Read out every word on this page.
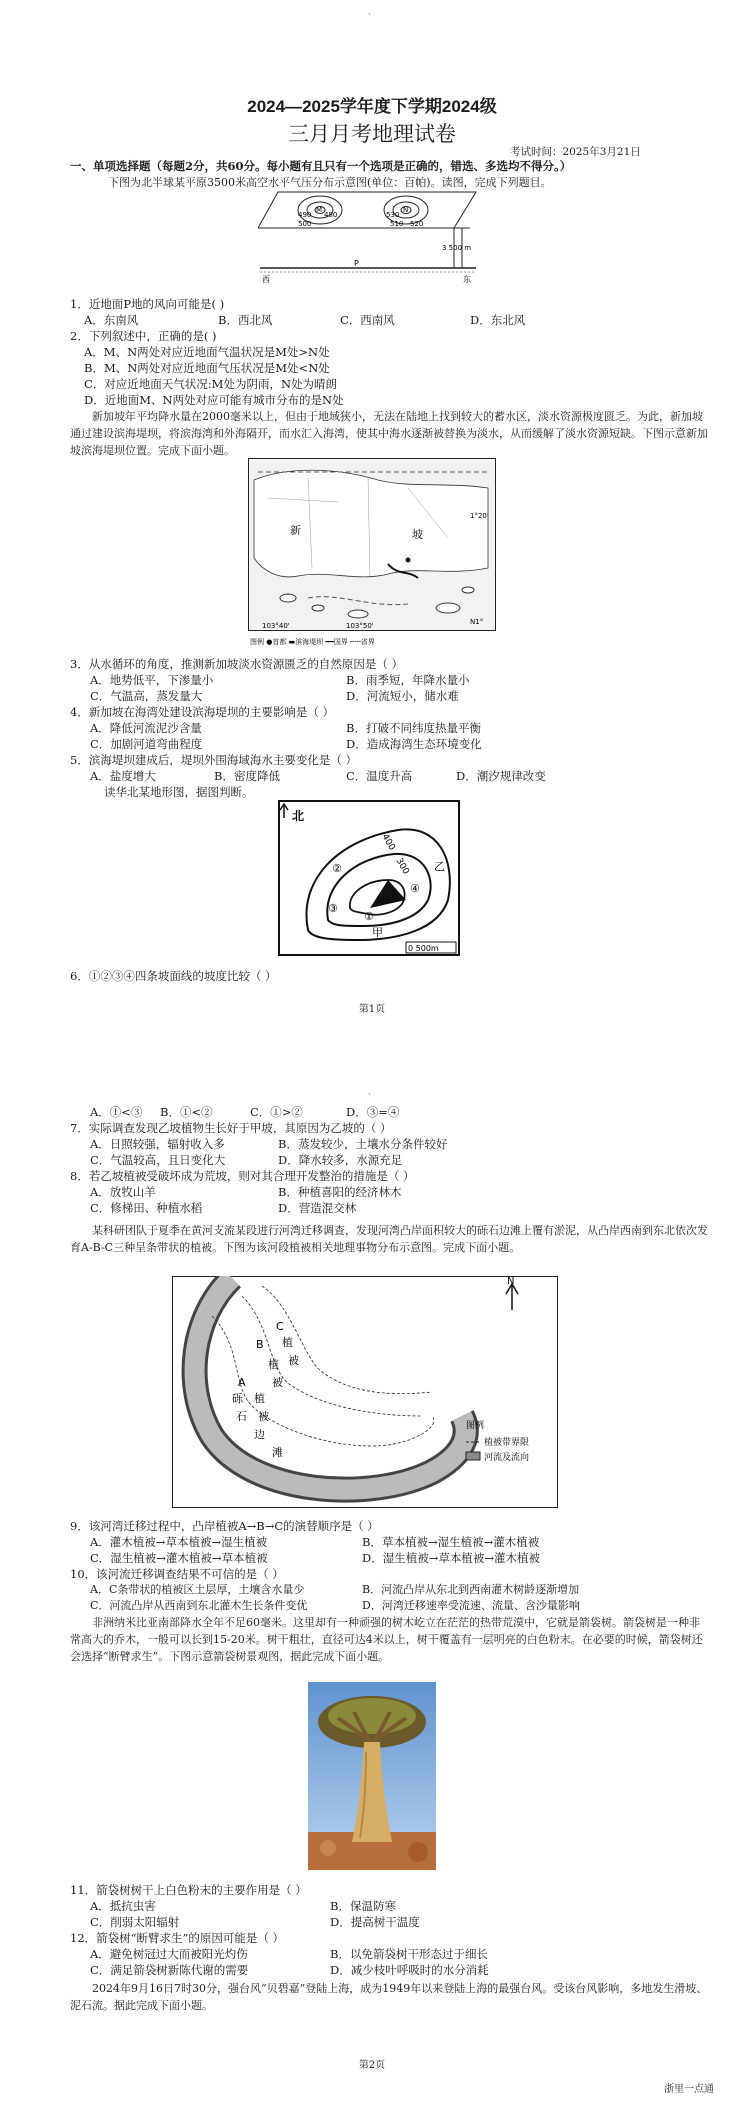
·
2024—2025学年度下学期2024级
三月月考地理试卷
考试时间：2025年3月21日
一、单项选择题（每题2分，共60分。每小题有且只有一个选项是正确的，错选、多选均不得分。）
下图为北半球某平原3500米高空水平气压分布示意图(单位：百帕)。读图，完成下列题目。
M
490 480
500
N
530
510 520
3 500 m
西	东
P
1．近地面P地的风向可能是( )
A．东南风	B．西北风	C．西南风	D．东北风
2．下列叙述中，正确的是( )
A．M、N两处对应近地面气温状况是M处>N处
B．M、N两处对应近地面气压状况是M处<N处
C．对应近地面天气状况:M处为阴雨，N处为晴朗
D．近地面M、N两处对应可能有城市分布的是N处
新加坡年平均降水量在2000毫米以上，但由于地域狭小，无法在陆地上找到较大的蓄水区，淡水资源极度匮乏。为此，新加坡通过建设滨海堤坝，将滨海湾和外海隔开，而水汇入海湾，使其中海水逐渐被替换为淡水，从而缓解了淡水资源短缺。下图示意新加坡滨海堤坝位置。完成下面小题。
新	坡
103°40'	103°50'
1°20'
N1°
图例 ●首都 ▬滨海堤坝 ━━国界 ─·─省界
3．从水循环的角度，推测新加坡淡水资源匮乏的自然原因是（ ）
A．地势低平，下渗量小	B．雨季短，年降水量小
C．气温高，蒸发量大	D．河流短小，储水难
4．新加坡在海湾处建设滨海堤坝的主要影响是（ ）
A．降低河流泥沙含量	B．打破不同纬度热量平衡
C．加剧河道弯曲程度	D．造成海湾生态环境变化
5．滨海堤坝建成后，堤坝外围海域海水主要变化是（ ）
A．盐度增大	B．密度降低	C．温度升高	D．潮汐规律改变
读华北某地形图，据图判断。
北
400
300
①
②
③
④
乙
甲
0 500m
6．①②③④四条坡面线的坡度比较（ ）
第1页
·
A．①<③ B．①<②	C．①>②	D．③=④
7．实际调查发现乙坡植物生长好于甲坡，其原因为乙坡的（ ）
A．日照较强，辐射收入多	B．蒸发较少，土壤水分条件较好
C．气温较高，且日变化大	D．降水较多，水源充足
8．若乙坡植被受破坏成为荒坡，则对其合理开发整治的措施是（ ）
A．放牧山羊	B．种植喜阳的经济林木
C．修梯田、种植水稻	D．营造混交林
某科研团队于夏季在黄河支流某段进行河湾迁移调查，发现河湾凸岸面积较大的砾石边滩上覆有淤泥，从凸岸西南到东北依次发育A-B-C三种呈条带状的植被。下图为该河段植被相关地理事物分布示意图。完成下面小题。
N
C
B
A
植
被
植
被
植
被
砾
石
边
滩
图例
植被带界限
河流及流向
9．该河湾迁移过程中，凸岸植被A→B→C的演替顺序是（ ）
A．灌木植被→草本植被→湿生植被	B．草本植被→湿生植被→灌木植被
C．湿生植被→灌木植被→草本植被	D．湿生植被→草本植被→灌木植被
10．该河流迁移调查结果不可信的是（ ）
A．C条带状的植被区土层厚，土壤含水量少	B．河流凸岸从东北到西南灌木树龄逐渐增加
C．河流凸岸从西南到东北灌木生长条件变优	D．河湾迁移速率受流速、流量、含沙量影响
非洲纳米比亚南部降水全年不足60毫米。这里却有一种顽强的树木屹立在茫茫的热带荒漠中，它就是箭袋树。箭袋树是一种非常高大的乔木，一般可以长到15-20米。树干粗壮，直径可达4米以上，树干覆盖有一层明亮的白色粉末。在必要的时候，箭袋树还会选择“断臂求生”。下图示意箭袋树景观图，据此完成下面小题。
11．箭袋树树干上白色粉末的主要作用是（ ）
A．抵抗虫害	B．保温防寒
C．削弱太阳辐射	D．提高树干温度
12．箭袋树“断臂求生”的原因可能是（ ）
A．避免树冠过大而被阳光灼伤	B．以免箭袋树干形态过于细长
C．满足箭袋树新陈代谢的需要	D．减少枝叶呼吸时的水分消耗
2024年9月16日7时30分，强台风“贝碧嘉”登陆上海，成为1949年以来登陆上海的最强台风。受该台风影响，多地发生滑坡、泥石流。据此完成下面小题。
第2页
浙里一点通
